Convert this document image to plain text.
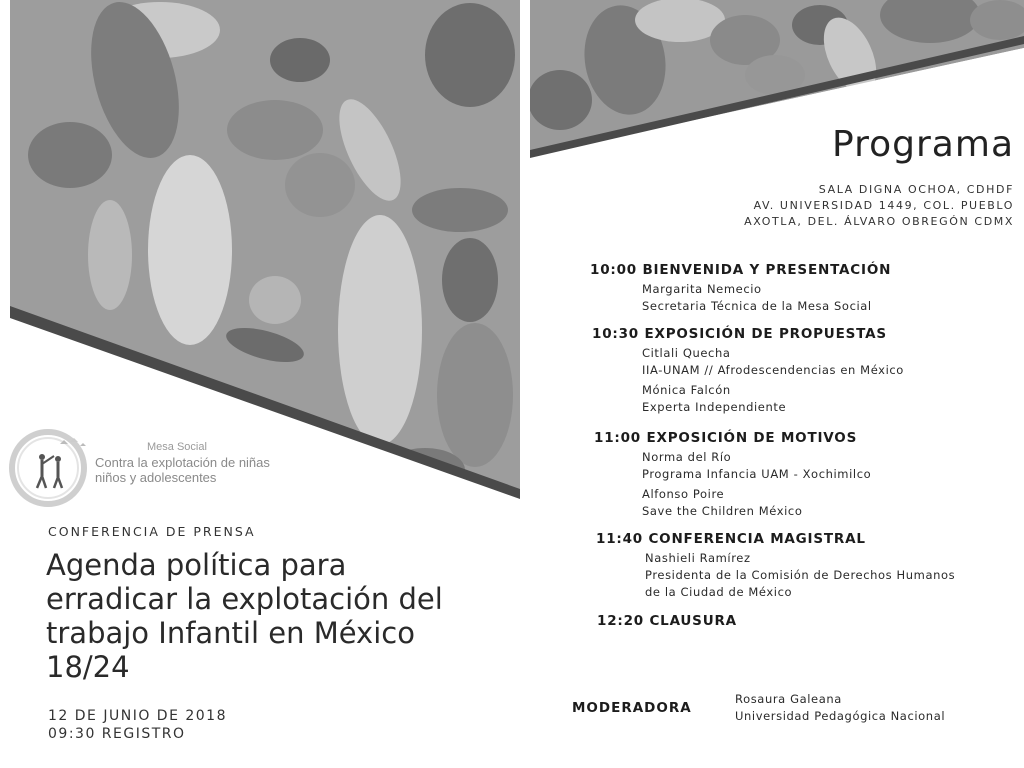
Mesa Social
Contra la explotación de niñas
niños y adolescentes
CONFERENCIA DE PRENSA
Agenda política para
erradicar la explotación del
trabajo Infantil en México
18/24
12 DE JUNIO DE 2018
09:30 REGISTRO
Programa
SALA DIGNA OCHOA, CDHDF
AV. UNIVERSIDAD 1449, COL. PUEBLO
AXOTLA, DEL. ÁLVARO OBREGÓN CDMX
10:00 BIENVENIDA Y PRESENTACIÓN
Margarita Nemecio
Secretaria Técnica de la Mesa Social
10:30 EXPOSICIÓN DE PROPUESTAS
Citlali Quecha
IIA-UNAM // Afrodescendencias en México
Mónica Falcón
Experta Independiente
11:00 EXPOSICIÓN DE MOTIVOS
Norma del Río
Programa Infancia UAM - Xochimilco
Alfonso Poire
Save the Children México
11:40 CONFERENCIA MAGISTRAL
Nashieli Ramírez
Presidenta de la Comisión de Derechos Humanos
de la Ciudad de México
12:20 CLAUSURA
MODERADORA
Rosaura Galeana
Universidad Pedagógica Nacional
